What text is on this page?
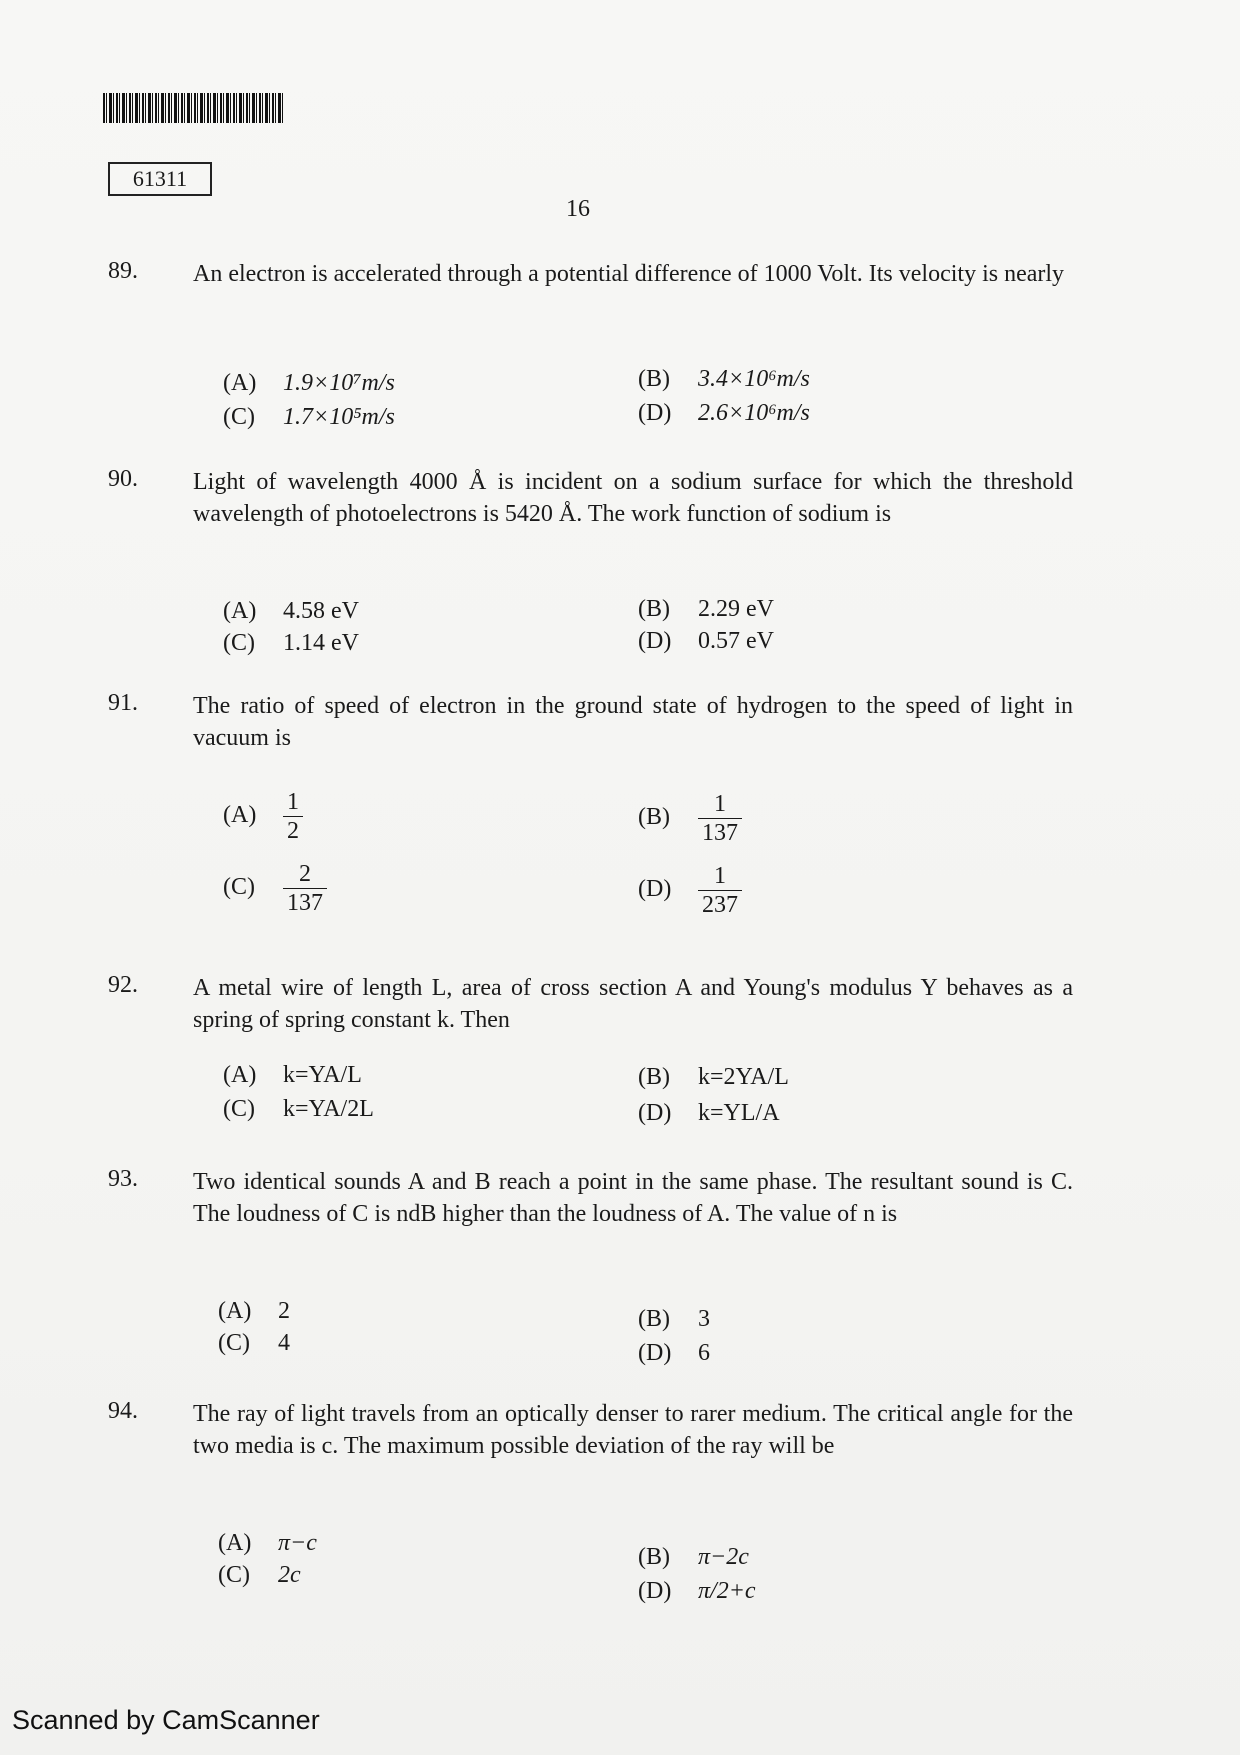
61311
16
89. An electron is accelerated through a potential difference of 1000 Volt. Its velocity is nearly
(A) 1.9×10⁷m/s	(B) 3.4×10⁶m/s
(C) 1.7×10⁵m/s	(D) 2.6×10⁶m/s
90. Light of wavelength 4000 Å is incident on a sodium surface for which the threshold wavelength of photoelectrons is 5420 Å. The work function of sodium is
(A) 4.58 eV	(B) 2.29 eV
(C) 1.14 eV	(D) 0.57 eV
91. The ratio of speed of electron in the ground state of hydrogen to the speed of light in vacuum is
$(A) \frac{1}{2}$	$(B) \frac{1}{137}$
$(C) \frac{2}{137}$	$(D) \frac{1}{237}$
92. A metal wire of length L, area of cross section A and Young's modulus Y behaves as a spring of spring constant k. Then
(A) k=YA/L	(B) k=2YA/L
(C) k=YA/2L	(D) k=YL/A
93. Two identical sounds A and B reach a point in the same phase. The resultant sound is C. The loudness of C is ndB higher than the loudness of A. The value of n is
(A) 2	(B) 3
(C) 4	(D) 6
94. The ray of light travels from an optically denser to rarer medium. The critical angle for the two media is c. The maximum possible deviation of the ray will be
(A) π−c
(B) π−2c
(C) 2c
(D) π/2+c
Scanned by CamScanner
